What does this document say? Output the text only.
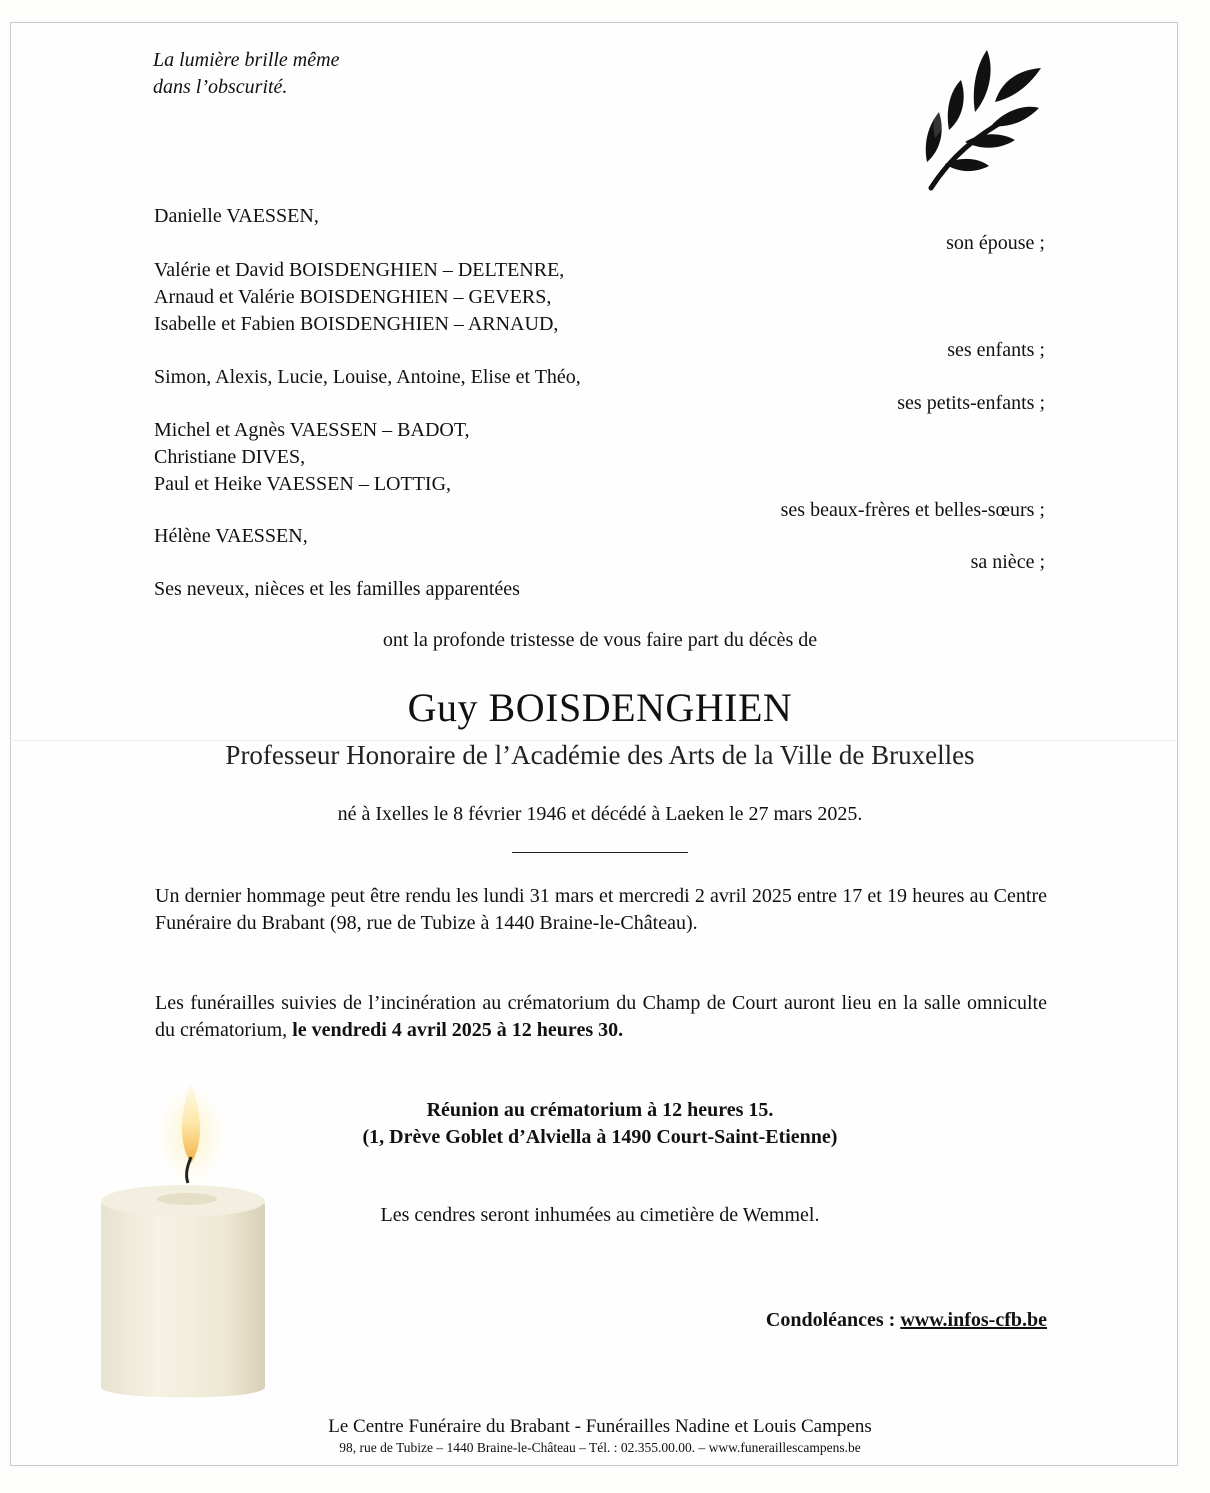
La lumière brille même
dans l’obscurité.
Danielle VAESSEN,
son épouse ;
Valérie et David BOISDENGHIEN – DELTENRE,
Arnaud et Valérie BOISDENGHIEN – GEVERS,
Isabelle et Fabien BOISDENGHIEN – ARNAUD,
ses enfants ;
Simon, Alexis, Lucie, Louise, Antoine, Elise et Théo,
ses petits-enfants ;
Michel et Agnès VAESSEN – BADOT,
Christiane DIVES,
Paul et Heike VAESSEN – LOTTIG,
ses beaux-frères et belles-sœurs ;
Hélène VAESSEN,
sa nièce ;
Ses neveux, nièces et les familles apparentées
ont la profonde tristesse de vous faire part du décès de
Guy BOISDENGHIEN
Professeur Honoraire de l’Académie des Arts de la Ville de Bruxelles
né à Ixelles le 8 février 1946 et décédé à Laeken le 27 mars 2025.
Un dernier hommage peut être rendu les lundi 31 mars et mercredi 2 avril 2025 entre 17 et 19 heures au Centre Funéraire du Brabant (98, rue de Tubize à 1440 Braine-le-Château).
Les funérailles suivies de l’incinération au crématorium du Champ de Court auront lieu en la salle omniculte du crématorium, le vendredi 4 avril 2025 à 12 heures 30.
Réunion au crématorium à 12 heures 15.
(1, Drève Goblet d’Alviella à 1490 Court-Saint-Etienne)
Les cendres seront inhumées au cimetière de Wemmel.
Condoléances : www.infos-cfb.be
Le Centre Funéraire du Brabant - Funérailles Nadine et Louis Campens
98, rue de Tubize – 1440 Braine-le-Château – Tél. : 02.355.00.00. – www.funeraillescampens.be
